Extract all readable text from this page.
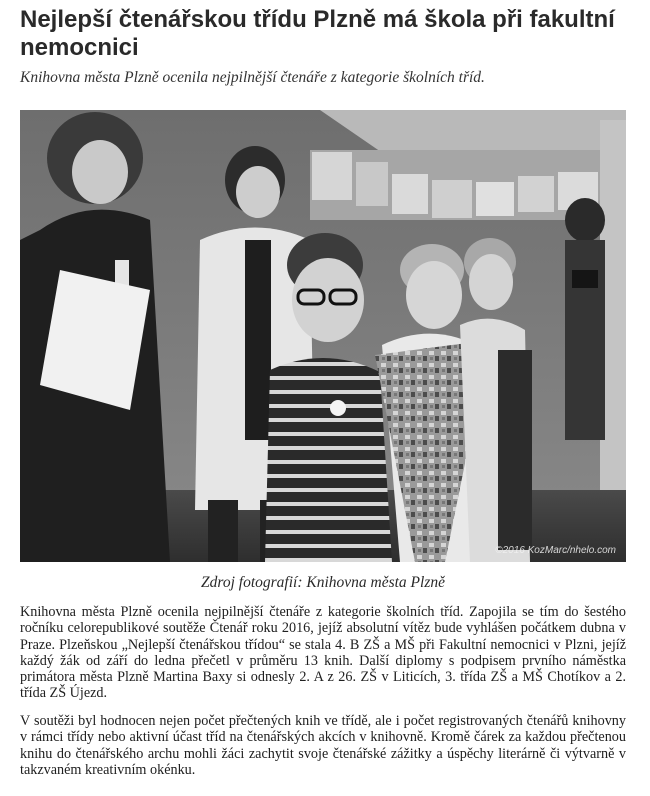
Nejlepší čtenářskou třídu Plzně má škola při fakultní nemocnici
Knihovna města Plzně ocenila nejpilnější čtenáře z kategorie školních tříd.
©2016 KozMarc/nhelo.com
Zdroj fotografií: Knihovna města Plzně

Knihovna města Plzně ocenila nejpilnější čtenáře z kategorie školních tříd. Zapojila se tím do šestého ročníku celorepublikové soutěže Čtenář roku 2016, jejíž absolutní vítěz bude vyhlášen počátkem dubna v Praze. Plzeňskou „Nejlepší čtenářskou třídou“ se stala 4. B ZŠ a MŠ při Fakultní nemocnici v Plzni, jejíž každý žák od září do ledna přečetl v průměru 13 knih. Další diplomy s podpisem prvního náměstka primátora města Plzně Martina Baxy si odnesly 2. A z 26. ZŠ v Liticích, 3. třída ZŠ a MŠ Chotíkov a 2. třída ZŠ Újezd.

V soutěži byl hodnocen nejen počet přečtených knih ve třídě, ale i počet registrovaných čtenářů knihovny v rámci třídy nebo aktivní účast tříd na čtenářských akcích v knihovně. Kromě čárek za každou přečtenou knihu do čtenářského archu mohli žáci zachytit svoje čtenářské zážitky a úspěchy literárně či výtvarně v takzvaném kreativním okénku.
